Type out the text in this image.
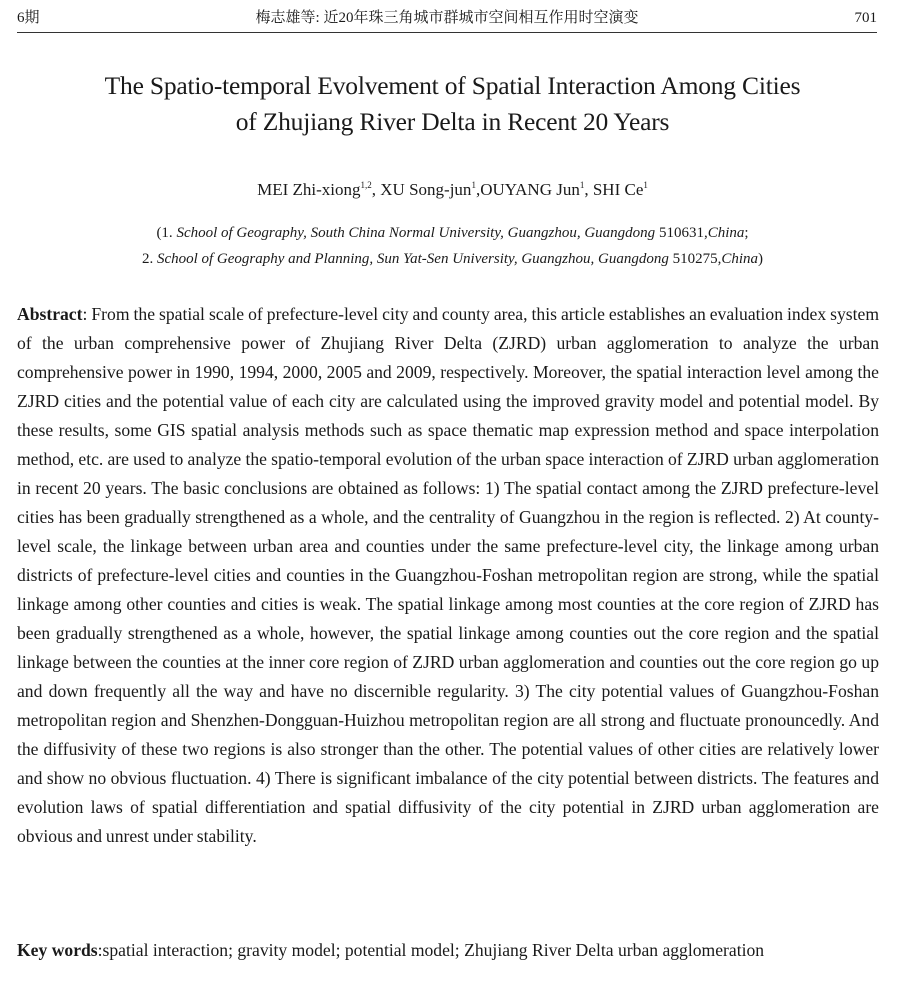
6期	梅志雄等: 近20年珠三角城市群城市空间相互作用时空演变	701
The Spatio-temporal Evolvement of Spatial Interaction Among Cities
of Zhujiang River Delta in Recent 20 Years
MEI Zhi-xiong$^{1,2}$, XU Song-jun$^1$,OUYANG Jun$^1$, SHI Ce$^1$
(1. School of Geography, South China Normal University, Guangzhou, Guangdong 510631,China;
2. School of Geography and Planning, Sun Yat-Sen University, Guangzhou, Guangdong 510275,China)

Abstract: From the spatial scale of prefecture-level city and county area, this article establishes an evaluation index system of the urban comprehensive power of Zhujiang River Delta (ZJRD) urban agglomeration to analyze the urban comprehensive power in 1990, 1994, 2000, 2005 and 2009, respectively. Moreover, the spatial interaction level among the ZJRD cities and the potential value of each city are calculated using the improved gravity model and potential model. By these results, some GIS spatial analysis methods such as space thematic map expression method and space interpolation method, etc. are used to analyze the spatio-temporal evolution of the urban space interaction of ZJRD urban agglomeration in recent 20 years. The basic conclusions are obtained as follows: 1) The spatial contact among the ZJRD prefecture-level cities has been gradually strengthened as a whole, and the centrality of Guangzhou in the region is reflected. 2) At county-level scale, the linkage between urban area and counties under the same prefecture-level city, the linkage among urban districts of prefecture-level cities and counties in the Guangzhou-Foshan metropolitan region are strong, while the spatial linkage among other counties and cities is weak. The spatial linkage among most counties at the core region of ZJRD has been gradually strengthened as a whole, however, the spatial linkage among counties out the core region and the spatial linkage between the counties at the inner core region of ZJRD urban agglomeration and counties out the core region go up and down frequently all the way and have no discernible regularity. 3) The city potential values of Guangzhou-Foshan metropolitan region and Shenzhen-Dongguan-Huizhou metropolitan region are all strong and fluctuate pronouncedly. And the diffusivity of these two regions is also stronger than the other. The potential values of other cities are relatively lower and show no obvious fluctuation. 4) There is significant imbalance of the city potential between districts. The features and evolution laws of spatial differentiation and spatial diffusivity of the city potential in ZJRD urban agglomeration are obvious and unrest under stability.

Key words:spatial interaction; gravity model; potential model; Zhujiang River Delta urban agglomeration
